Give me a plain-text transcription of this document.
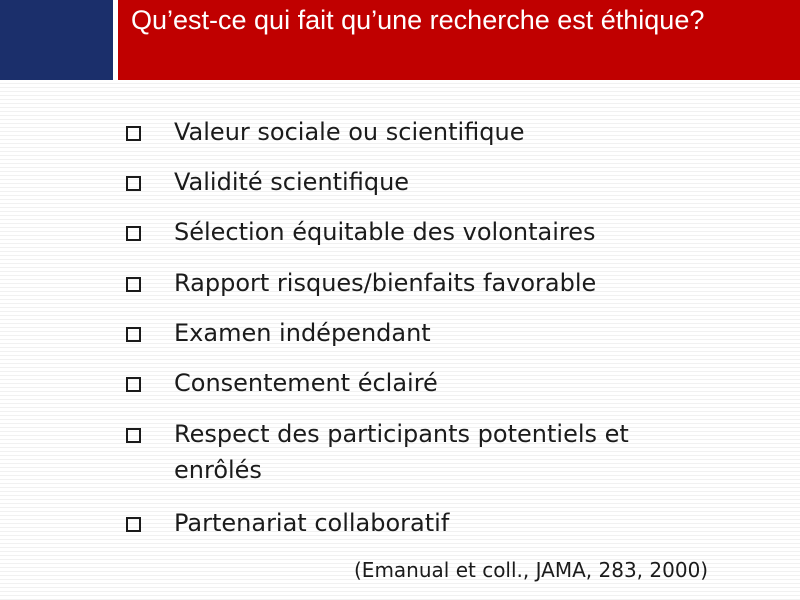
Qu’est-ce qui fait qu’une recherche est éthique?
Valeur sociale ou scientifique
Validité scientifique
Sélection équitable des volontaires
Rapport risques/bienfaits favorable
Examen indépendant
Consentement éclairé
Respect des participants potentiels et enrôlés
Partenariat collaboratif
(Emanual et coll., JAMA, 283, 2000)
